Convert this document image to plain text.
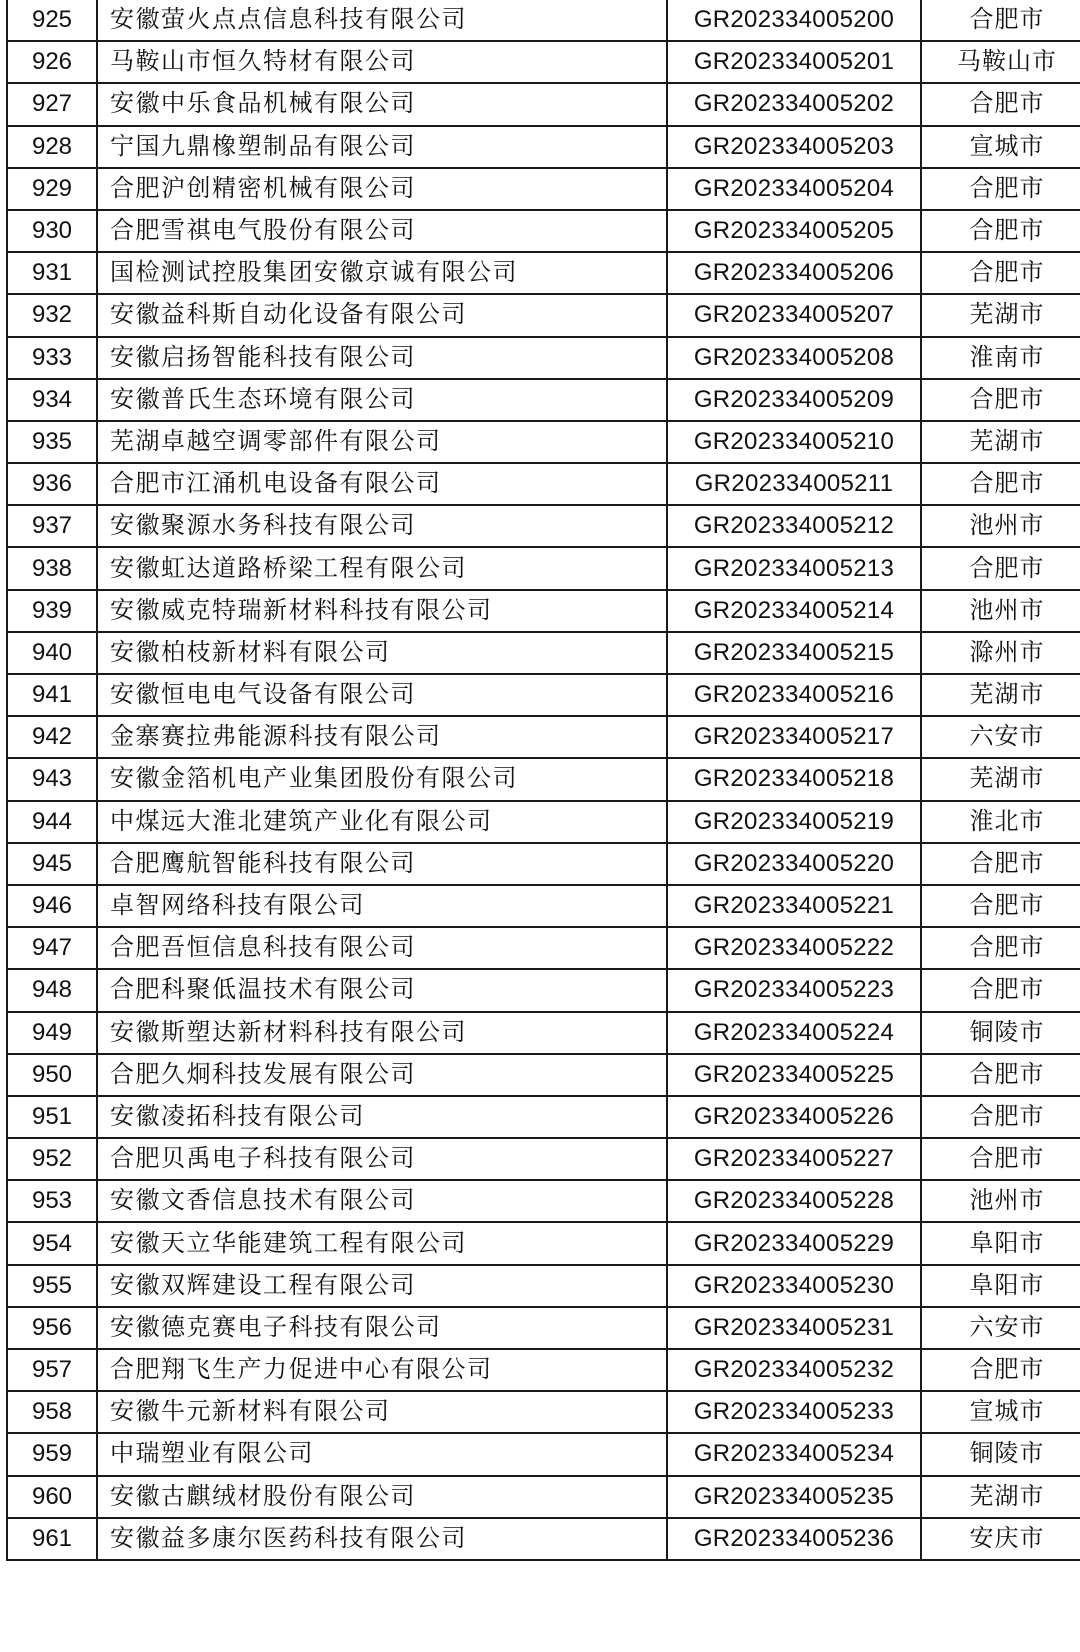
925	安徽萤火点点信息科技有限公司	GR202334005200	合肥市
926	马鞍山市恒久特材有限公司	GR202334005201	马鞍山市
927	安徽中乐食品机械有限公司	GR202334005202	合肥市
928	宁国九鼎橡塑制品有限公司	GR202334005203	宣城市
929	合肥沪创精密机械有限公司	GR202334005204	合肥市
930	合肥雪祺电气股份有限公司	GR202334005205	合肥市
931	国检测试控股集团安徽京诚有限公司	GR202334005206	合肥市
932	安徽益科斯自动化设备有限公司	GR202334005207	芜湖市
933	安徽启扬智能科技有限公司	GR202334005208	淮南市
934	安徽普氏生态环境有限公司	GR202334005209	合肥市
935	芜湖卓越空调零部件有限公司	GR202334005210	芜湖市
936	合肥市江涌机电设备有限公司	GR202334005211	合肥市
937	安徽聚源水务科技有限公司	GR202334005212	池州市
938	安徽虹达道路桥梁工程有限公司	GR202334005213	合肥市
939	安徽威克特瑞新材料科技有限公司	GR202334005214	池州市
940	安徽柏枝新材料有限公司	GR202334005215	滁州市
941	安徽恒电电气设备有限公司	GR202334005216	芜湖市
942	金寨赛拉弗能源科技有限公司	GR202334005217	六安市
943	安徽金箔机电产业集团股份有限公司	GR202334005218	芜湖市
944	中煤远大淮北建筑产业化有限公司	GR202334005219	淮北市
945	合肥鹰航智能科技有限公司	GR202334005220	合肥市
946	卓智网络科技有限公司	GR202334005221	合肥市
947	合肥吾恒信息科技有限公司	GR202334005222	合肥市
948	合肥科聚低温技术有限公司	GR202334005223	合肥市
949	安徽斯塑达新材料科技有限公司	GR202334005224	铜陵市
950	合肥久炯科技发展有限公司	GR202334005225	合肥市
951	安徽凌拓科技有限公司	GR202334005226	合肥市
952	合肥贝禹电子科技有限公司	GR202334005227	合肥市
953	安徽文香信息技术有限公司	GR202334005228	池州市
954	安徽天立华能建筑工程有限公司	GR202334005229	阜阳市
955	安徽双辉建设工程有限公司	GR202334005230	阜阳市
956	安徽德克赛电子科技有限公司	GR202334005231	六安市
957	合肥翔飞生产力促进中心有限公司	GR202334005232	合肥市
958	安徽牛元新材料有限公司	GR202334005233	宣城市
959	中瑞塑业有限公司	GR202334005234	铜陵市
960	安徽古麒绒材股份有限公司	GR202334005235	芜湖市
961	安徽益多康尔医药科技有限公司	GR202334005236	安庆市
